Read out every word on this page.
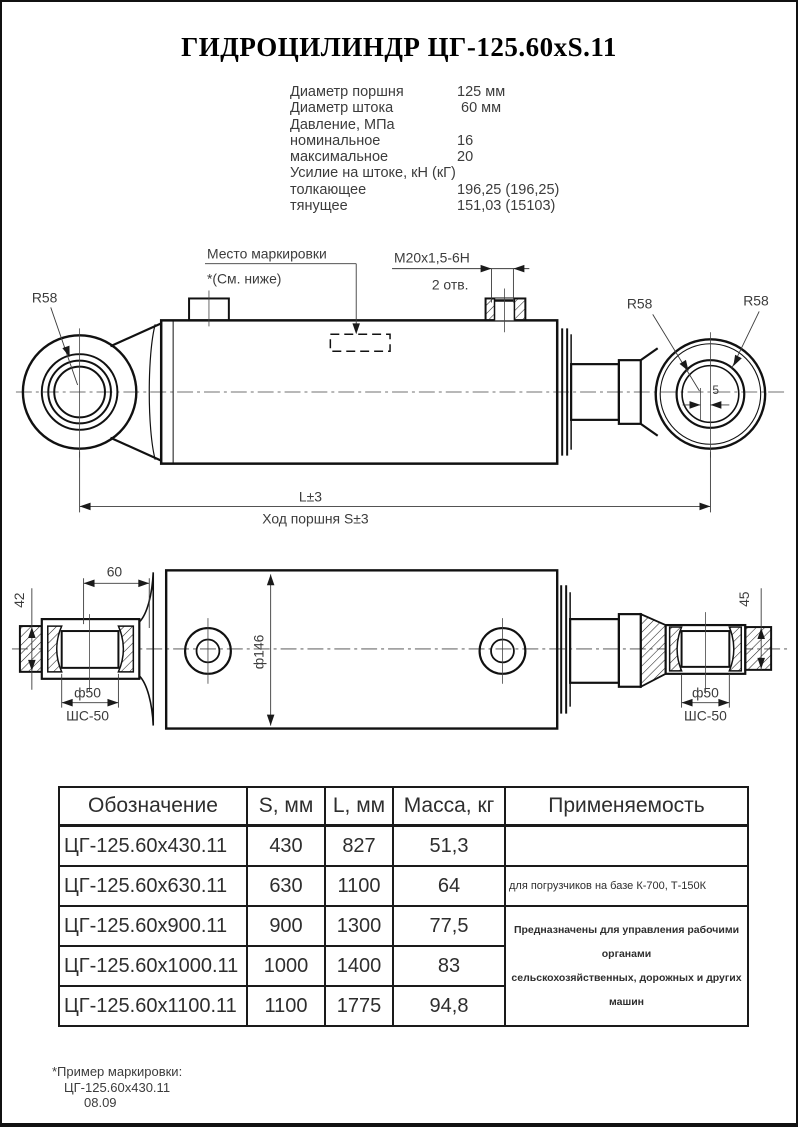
ГИДРОЦИЛИНДР ЦГ-125.60хS.11
Диаметр поршня	125 мм
Диаметр штока	60 мм
Давление, МПа
номинальное	16
максимальное	20
Усилие на штоке, кН (кГ)
толкающее	196,25 (196,25)
тянущее	151,03 (15103)
Место маркировки
*(См. ниже)
М20х1,5-6Н
2 отв.
R58	R58	R58
5
L±3
Ход поршня S±3
60
42
ф146
ф50
ШС-50
45
ф50
ШС-50
Обозначение	S, мм	L, мм	Масса, кг	Применяемость
ЦГ-125.60х430.11	430	827	51,3	
ЦГ-125.60х630.11	630	1100	64	для погрузчиков на базе К-700, Т-150К
ЦГ-125.60х900.11	900	1300	77,5	Предназначены для управления рабочими органами
сельскохозяйственных, дорожных и других машин

ЦГ-125.60х1000.11	1000	1400	83	
ЦГ-125.60х1100.11	1100	1775	94,8	
*Пример маркировки:
ЦГ-125.60х430.11
08.09
